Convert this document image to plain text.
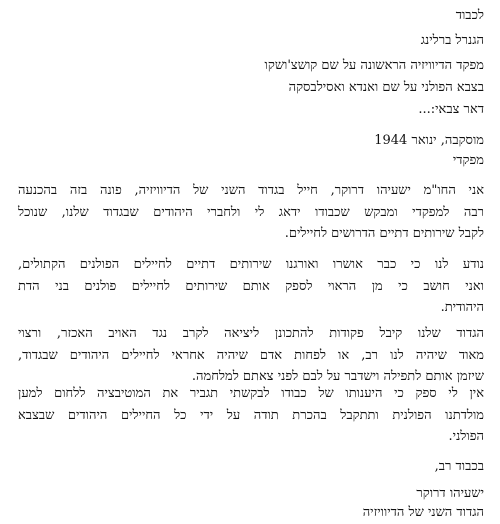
לכבוד

הגנרל ברלינג

מפקד הדיוויזיה הראשונה על שם קושצ'ושקו

בצבא הפולני על שם ואנדא ואסילבסקה

דאר צבאי:...

מוסקבה, ינואר 1944

מפקדי

אני החו"מ ישעיהו דרוקר, חייל בגדוד השני של הדיוויזיה, פונה בזה בהכנעה
רבה למפקדי ומבקש שכבודו ידאג לי ולחברי היהודים שבגדוד שלנו, שנוכל
לקבל שירותים דתיים הדרושים לחיילים.
נודע לנו כי כבר אושרו ואורגנו שירותים דתיים לחיילים הפולנים הקתולים,
ואני חושב כי מן הראוי לספק אותם שירותים לחיילים פולנים בני הדת
היהודית.
הגדוד שלנו קיבל פקודות להתכונן ליציאה לקרב נגד האויב האכזר, ורצוי
מאוד שיהיה לנו רב, או לפחות אדם שיהיה אחראי לחיילים היהודים שבגדוד,
שיזמן אותם לתפילה וישדבר על לבם לפני צאתם למלחמה.
אין לי ספק כי היענותו של כבודו לבקשתי תגביר את המוטיבציה ללחום למען
מולדתנו הפולנית ותתקבל בהכרת תודה על ידי כל החיילים היהודים שבצבא
הפולני.

בכבוד רב,

ישעיהו דרוקר

הגדוד השני של הדיוויזיה
